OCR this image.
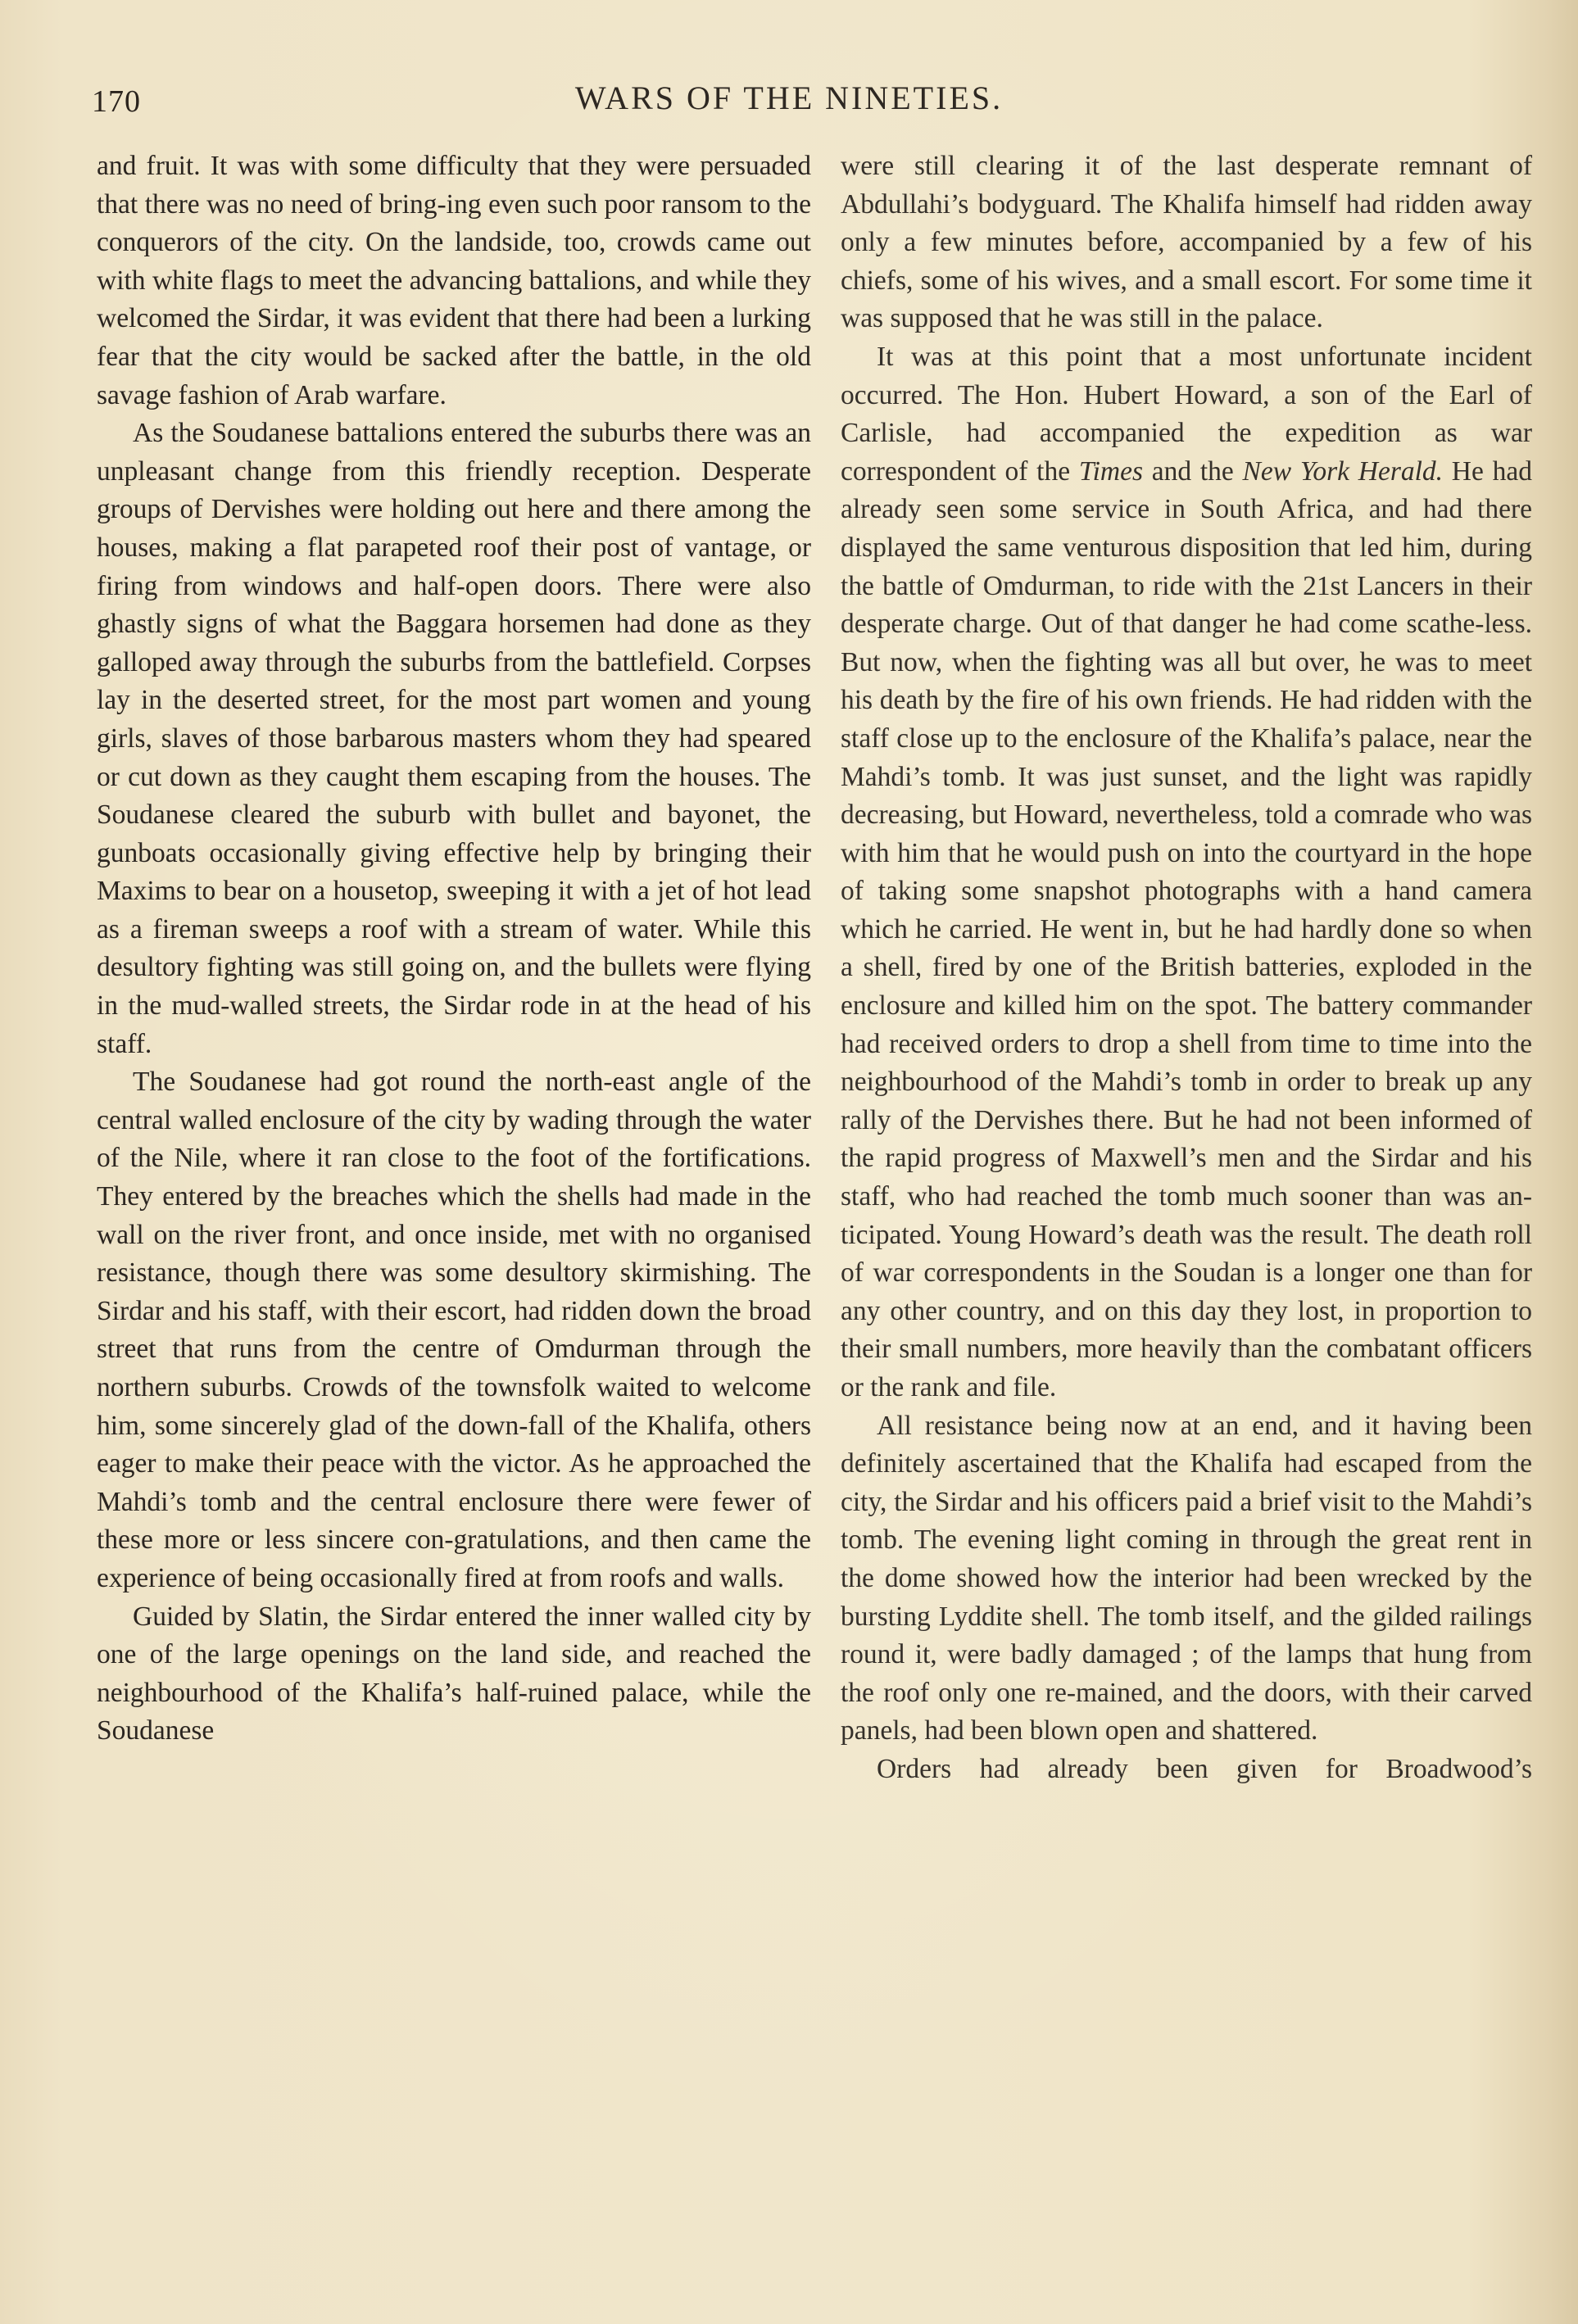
170	WARS OF THE NINETIES.

and fruit. It was with some difficulty that they were persuaded that there was no need of bring-ing even such poor ransom to the conquerors of the city. On the landside, too, crowds came out with white flags to meet the advancing battalions, and while they welcomed the Sirdar, it was evident that there had been a lurking fear that the city would be sacked after the battle, in the old savage fashion of Arab warfare.

As the Soudanese battalions entered the suburbs there was an unpleasant change from this friendly reception. Desperate groups of Dervishes were holding out here and there among the houses, making a flat parapeted roof their post of vantage, or firing from windows and half-open doors. There were also ghastly signs of what the Baggara horsemen had done as they galloped away through the suburbs from the battlefield. Corpses lay in the deserted street, for the most part women and young girls, slaves of those barbarous masters whom they had speared or cut down as they caught them escaping from the houses. The Soudanese cleared the suburb with bullet and bayonet, the gunboats occasionally giving effective help by bringing their Maxims to bear on a housetop, sweeping it with a jet of hot lead as a fireman sweeps a roof with a stream of water. While this desultory fighting was still going on, and the bullets were flying in the mud-walled streets, the Sirdar rode in at the head of his staff.

The Soudanese had got round the north-east angle of the central walled enclosure of the city by wading through the water of the Nile, where it ran close to the foot of the fortifications. They entered by the breaches which the shells had made in the wall on the river front, and once inside, met with no organised resistance, though there was some desultory skirmishing. The Sirdar and his staff, with their escort, had ridden down the broad street that runs from the centre of Omdurman through the northern suburbs. Crowds of the townsfolk waited to welcome him, some sincerely glad of the down-fall of the Khalifa, others eager to make their peace with the victor. As he approached the Mahdi’s tomb and the central enclosure there were fewer of these more or less sincere con-gratulations, and then came the experience of being occasionally fired at from roofs and walls.

Guided by Slatin, the Sirdar entered the inner walled city by one of the large openings on the land side, and reached the neighbourhood of the Khalifa’s half-ruined palace, while the Soudanese

were still clearing it of the last desperate remnant of Abdullahi’s bodyguard. The Khalifa himself had ridden away only a few minutes before, accompanied by a few of his chiefs, some of his wives, and a small escort. For some time it was supposed that he was still in the palace.

It was at this point that a most unfortunate incident occurred. The Hon. Hubert Howard, a son of the Earl of Carlisle, had accompanied the expedition as war correspondent of the Times and the New York Herald. He had already seen some service in South Africa, and had there displayed the same venturous disposition that led him, during the battle of Omdurman, to ride with the 21st Lancers in their desperate charge. Out of that danger he had come scathe-less. But now, when the fighting was all but over, he was to meet his death by the fire of his own friends. He had ridden with the staff close up to the enclosure of the Khalifa’s palace, near the Mahdi’s tomb. It was just sunset, and the light was rapidly decreasing, but Howard, nevertheless, told a comrade who was with him that he would push on into the courtyard in the hope of taking some snapshot photographs with a hand camera which he carried. He went in, but he had hardly done so when a shell, fired by one of the British batteries, exploded in the enclosure and killed him on the spot. The battery commander had received orders to drop a shell from time to time into the neighbourhood of the Mahdi’s tomb in order to break up any rally of the Dervishes there. But he had not been informed of the rapid progress of Maxwell’s men and the Sirdar and his staff, who had reached the tomb much sooner than was an-ticipated. Young Howard’s death was the result. The death roll of war correspondents in the Soudan is a longer one than for any other country, and on this day they lost, in proportion to their small numbers, more heavily than the combatant officers or the rank and file.

All resistance being now at an end, and it having been definitely ascertained that the Khalifa had escaped from the city, the Sirdar and his officers paid a brief visit to the Mahdi’s tomb. The evening light coming in through the great rent in the dome showed how the interior had been wrecked by the bursting Lyddite shell. The tomb itself, and the gilded railings round it, were badly damaged ; of the lamps that hung from the roof only one re-mained, and the doors, with their carved panels, had been blown open and shattered.

Orders had already been given for Broadwood’s
